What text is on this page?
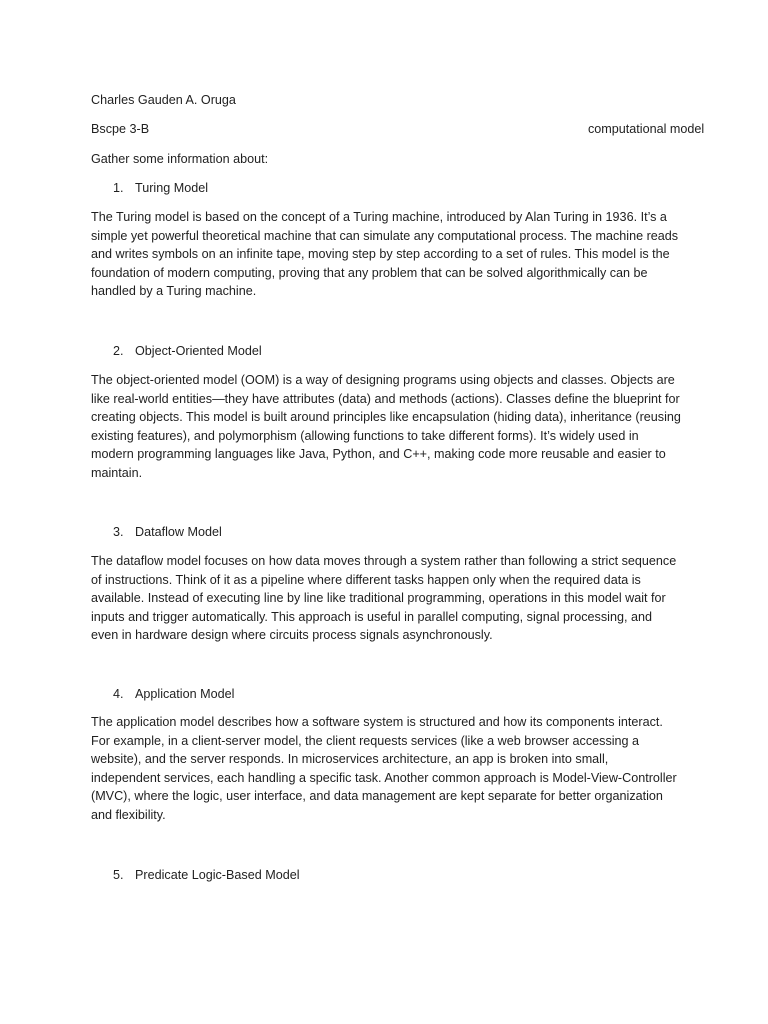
Charles Gauden A. Oruga
Bscpe 3-B	computational model
Gather some information about:
1. Turing Model

The Turing model is based on the concept of a Turing machine, introduced by Alan Turing in 1936. It’s a simple yet powerful theoretical machine that can simulate any computational process. The machine reads and writes symbols on an infinite tape, moving step by step according to a set of rules. This model is the foundation of modern computing, proving that any problem that can be solved algorithmically can be handled by a Turing machine.

2. Object-Oriented Model

The object-oriented model (OOM) is a way of designing programs using objects and classes. Objects are like real-world entities—they have attributes (data) and methods (actions). Classes define the blueprint for creating objects. This model is built around principles like encapsulation (hiding data), inheritance (reusing existing features), and polymorphism (allowing functions to take different forms). It’s widely used in modern programming languages like Java, Python, and C++, making code more reusable and easier to maintain.

3. Dataflow Model

The dataflow model focuses on how data moves through a system rather than following a strict sequence of instructions. Think of it as a pipeline where different tasks happen only when the required data is available. Instead of executing line by line like traditional programming, operations in this model wait for inputs and trigger automatically. This approach is useful in parallel computing, signal processing, and even in hardware design where circuits process signals asynchronously.

4. Application Model

The application model describes how a software system is structured and how its components interact. For example, in a client-server model, the client requests services (like a web browser accessing a website), and the server responds. In microservices architecture, an app is broken into small, independent services, each handling a specific task. Another common approach is Model-View-Controller (MVC), where the logic, user interface, and data management are kept separate for better organization and flexibility.

5. Predicate Logic-Based Model
